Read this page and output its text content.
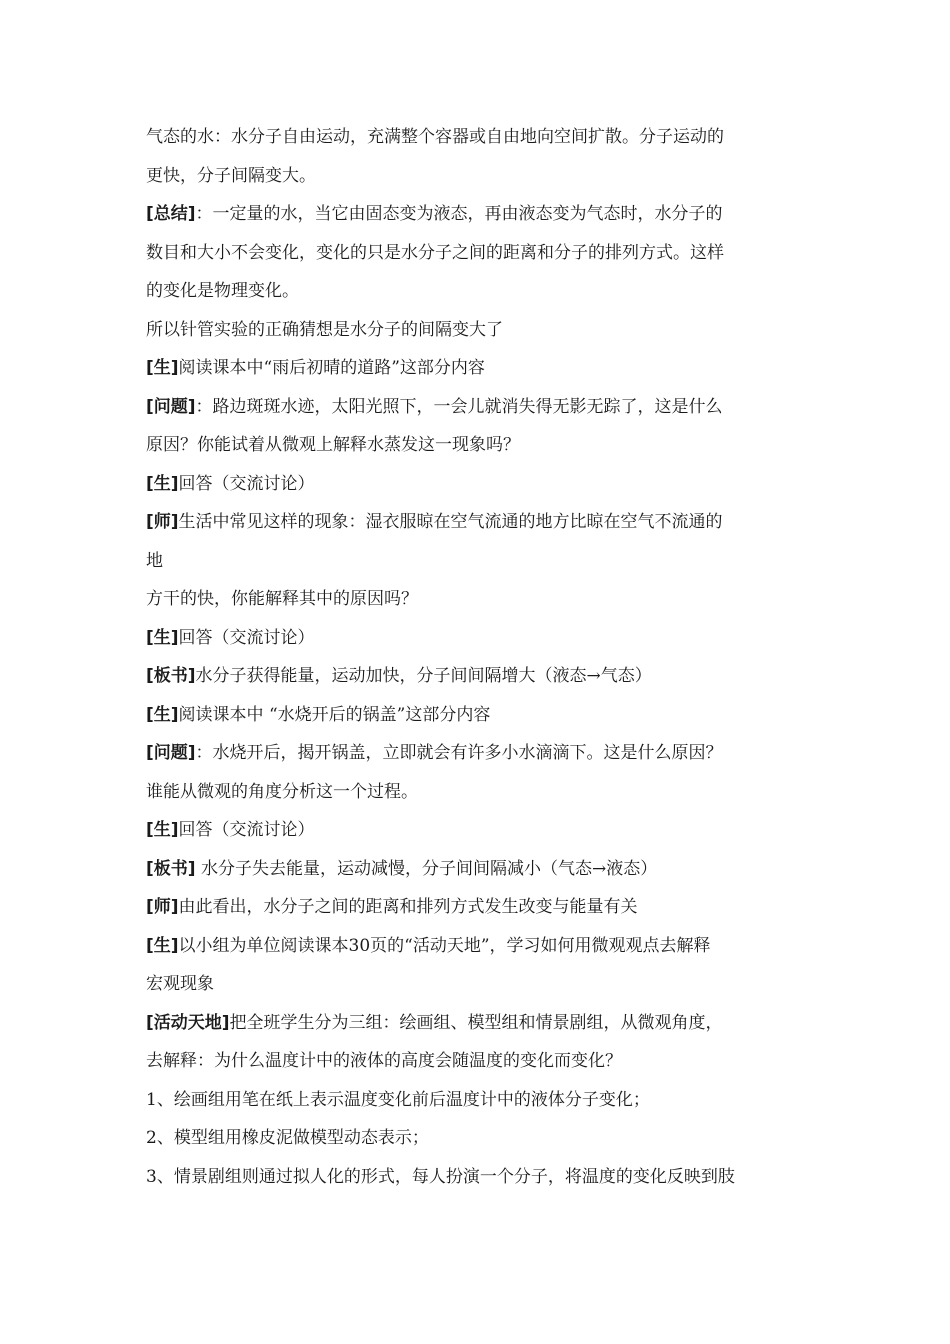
气态的水：水分子自由运动，充满整个容器或自由地向空间扩散。分子运动的
更快，分子间隔变大。
[总结]：一定量的水，当它由固态变为液态，再由液态变为气态时，水分子的
数目和大小不会变化，变化的只是水分子之间的距离和分子的排列方式。这样
的变化是物理变化。
所以针管实验的正确猜想是水分子的间隔变大了
[生]阅读课本中“雨后初晴的道路”这部分内容
[问题]：路边斑斑水迹，太阳光照下，一会儿就消失得无影无踪了，这是什么
原因？你能试着从微观上解释水蒸发这一现象吗？
[生]回答（交流讨论）
[师]生活中常见这样的现象：湿衣服晾在空气流通的地方比晾在空气不流通的
地
方干的快，你能解释其中的原因吗？
[生]回答（交流讨论）
[板书]水分子获得能量，运动加快，分子间间隔增大（液态→气态）
[生]阅读课本中 “水烧开后的锅盖”这部分内容
[问题]：水烧开后，揭开锅盖，立即就会有许多小水滴滴下。这是什么原因？
谁能从微观的角度分析这一个过程。
[生]回答（交流讨论）
[板书] 水分子失去能量，运动减慢，分子间间隔减小（气态→液态）
[师]由此看出，水分子之间的距离和排列方式发生改变与能量有关
[生]以小组为单位阅读课本30页的“活动天地”，学习如何用微观观点去解释
宏观现象
[活动天地]把全班学生分为三组：绘画组、模型组和情景剧组，从微观角度，
去解释：为什么温度计中的液体的高度会随温度的变化而变化？
1、绘画组用笔在纸上表示温度变化前后温度计中的液体分子变化；
2、模型组用橡皮泥做模型动态表示；
3、情景剧组则通过拟人化的形式，每人扮演一个分子，将温度的变化反映到肢
